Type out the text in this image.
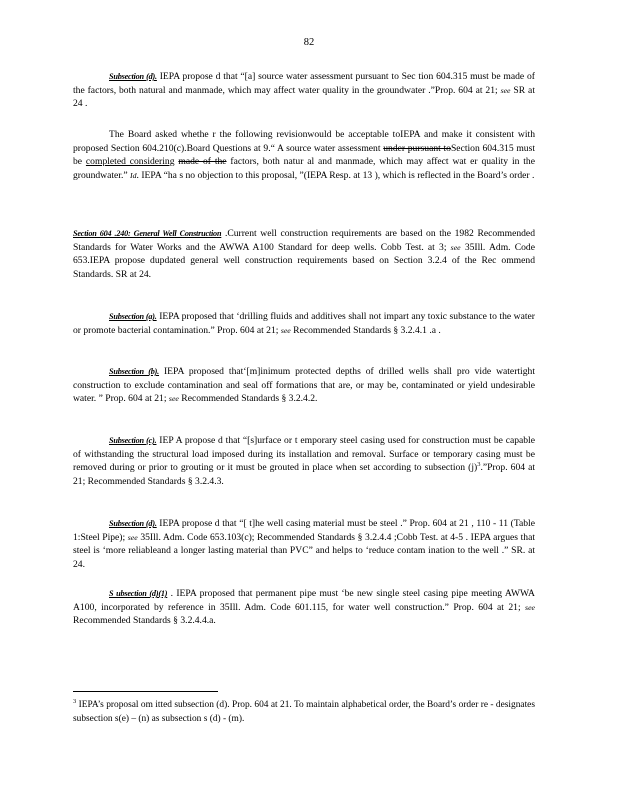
82

Subsection (d). IEPA propose d that “[a] source water assessment pursuant to Sec tion 604.315 must be made of the factors, both natural and manmade, which may affect water quality in the groundwater .”Prop. 604 at 21; see SR at 24 .

The Board asked whethe r the following revisionwould be acceptable toIEPA and make it consistent with proposed Section 604.210(c).Board Questions at 9.“ A source water assessment under pursuant toSection 604.315 must be completed considering made of the factors, both natur al and manmade, which may affect wat er quality in the groundwater.” Id. IEPA “ha s no objection to this proposal, ”(IEPA Resp. at 13 ), which is reflected in the Board’s order .

Section 604 .240: General Well Construction .Current well construction requirements are based on the 1982 Recommended Standards for Water Works and the AWWA A100 Standard for deep wells. Cobb Test. at 3; see 35Ill. Adm. Code 653.IEPA propose dupdated general well construction requirements based on Section 3.2.4 of the Rec ommend Standards. SR at 24.

Subsection (a). IEPA proposed that ‘drilling fluids and additives shall not impart any toxic substance to the water or promote bacterial contamination.” Prop. 604 at 21; see Recommended Standards § 3.2.4.1 .a .

Subsection (b). IEPA proposed that‘[m]inimum protected depths of drilled wells shall pro vide watertight construction to exclude contamination and seal off formations that are, or may be, contaminated or yield undesirable water. ” Prop. 604 at 21; see Recommended Standards § 3.2.4.2.

Subsection (c). IEP A propose d that “[s]urface or t emporary steel casing used for construction must be capable of withstanding the structural load imposed during its installation and removal. Surface or temporary casing must be removed during or prior to grouting or it must be grouted in place when set according to subsection $(j)^3.”Prop$. 604 at 21; Recommended Standards § 3.2.4.3.

Subsection (d). IEPA propose d that “[ t]he well casing material must be steel .” Prop. 604 at 21 , 110 - 11 (Table 1:Steel Pipe); see 35Ill. Adm. Code 653.103(c); Recommended Standards § 3.2.4.4 ;Cobb Test. at 4-5 . IEPA argues that steel is ‘more reliableand a longer lasting material than PVC” and helps to ‘reduce contam ination to the well .” SR. at 24.

S ubsection (d)(1) . IEPA proposed that permanent pipe must ‘be new single steel casing pipe meeting AWWA A100, incorporated by reference in 35Ill. Adm. Code 601.115, for water well construction.” Prop. 604 at 21; see Recommended Standards § 3.2.4.4.a.

$^3$ IEPA’s proposal om itted subsection (d). Prop. 604 at 21. To maintain alphabetical order, the Board’s order re - designates subsection s(e) – (n) as subsection s (d) - (m).
